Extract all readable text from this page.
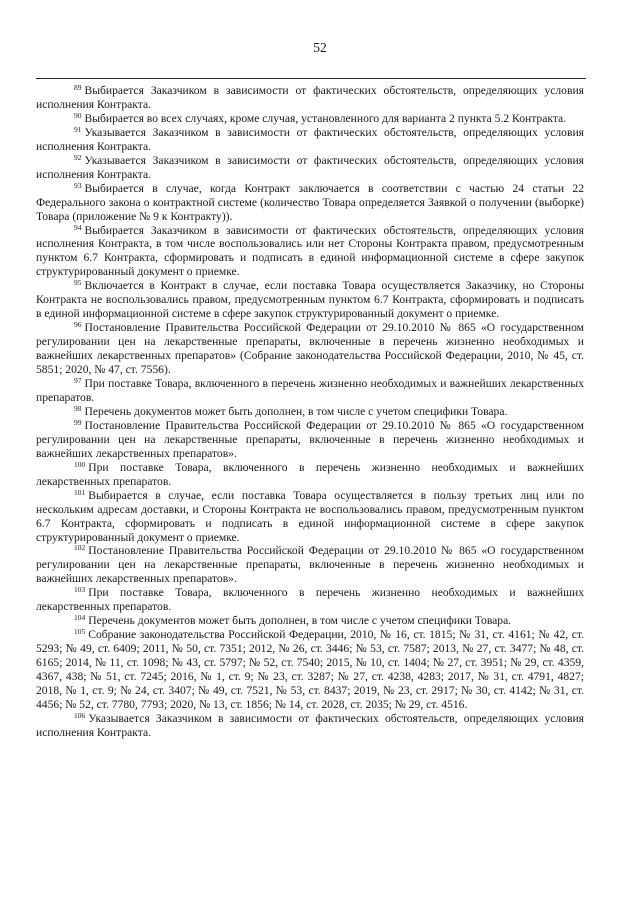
52

$^{89}$ Выбирается Заказчиком в зависимости от фактических обстоятельств, определяющих условия исполнения Контракта.

$^{90}$ Выбирается во всех случаях, кроме случая, установленного для варианта 2 пункта 5.2 Контракта.

$^{91}$ Указывается Заказчиком в зависимости от фактических обстоятельств, определяющих условия исполнения Контракта.

$^{92}$ Указывается Заказчиком в зависимости от фактических обстоятельств, определяющих условия исполнения Контракта.

$^{93}$ Выбирается в случае, когда Контракт заключается в соответствии с частью 24 статьи 22 Федерального закона о контрактной системе (количество Товара определяется Заявкой о получении (выборке) Товара (приложение № 9 к Контракту)).

$^{94}$ Выбирается Заказчиком в зависимости от фактических обстоятельств, определяющих условия исполнения Контракта, в том числе воспользовались или нет Стороны Контракта правом, предусмотренным пунктом 6.7 Контракта, сформировать и подписать в единой информационной системе в сфере закупок структурированный документ о приемке.

$^{95}$ Включается в Контракт в случае, если поставка Товара осуществляется Заказчику, но Стороны Контракта не воспользовались правом, предусмотренным пунктом 6.7 Контракта, сформировать и подписать в единой информационной системе в сфере закупок структурированный документ о приемке.

$^{96}$ Постановление Правительства Российской Федерации от 29.10.2010 № 865 «О государственном регулировании цен на лекарственные препараты, включенные в перечень жизненно необходимых и важнейших лекарственных препаратов» (Собрание законодательства Российской Федерации, 2010, № 45, ст. 5851; 2020, № 47, ст. 7556).

$^{97}$ При поставке Товара, включенного в перечень жизненно необходимых и важнейших лекарственных препаратов.

$^{98}$ Перечень документов может быть дополнен, в том числе с учетом специфики Товара.

$^{99}$ Постановление Правительства Российской Федерации от 29.10.2010 № 865 «О государственном регулировании цен на лекарственные препараты, включенные в перечень жизненно необходимых и важнейших лекарственных препаратов».

$^{100}$ При поставке Товара, включенного в перечень жизненно необходимых и важнейших лекарственных препаратов.

$^{101}$ Выбирается в случае, если поставка Товара осуществляется в пользу третьих лиц или по нескольким адресам доставки, и Стороны Контракта не воспользовались правом, предусмотренным пунктом 6.7 Контракта, сформировать и подписать в единой информационной системе в сфере закупок структурированный документ о приемке.

$^{102}$ Постановление Правительства Российской Федерации от 29.10.2010 № 865 «О государственном регулировании цен на лекарственные препараты, включенные в перечень жизненно необходимых и важнейших лекарственных препаратов».

$^{103}$ При поставке Товара, включенного в перечень жизненно необходимых и важнейших лекарственных препаратов.

$^{104}$ Перечень документов может быть дополнен, в том числе с учетом специфики Товара.

$^{105}$ Собрание законодательства Российской Федерации, 2010, № 16, ст. 1815; № 31, ст. 4161; № 42, ст. 5293; № 49, ст. 6409; 2011, № 50, ст. 7351; 2012, № 26, ст. 3446; № 53, ст. 7587; 2013, № 27, ст. 3477; № 48, ст. 6165; 2014, № 11, ст. 1098; № 43, ст. 5797; № 52, ст. 7540; 2015, № 10, ст. 1404; № 27, ст. 3951; № 29, ст. 4359, 4367, 438; № 51, ст. 7245; 2016, № 1, ст. 9; № 23, ст. 3287; № 27, ст. 4238, 4283; 2017, № 31, ст. 4791, 4827; 2018, № 1, ст. 9; № 24, ст. 3407; № 49, ст. 7521, № 53, ст. 8437; 2019, № 23, ст. 2917; № 30, ст. 4142; № 31, ст. 4456; № 52, ст. 7780, 7793; 2020, № 13, ст. 1856; № 14, ст. 2028, ст. 2035; № 29, ст. 4516.

$^{106}$ Указывается Заказчиком в зависимости от фактических обстоятельств, определяющих условия исполнения Контракта.
